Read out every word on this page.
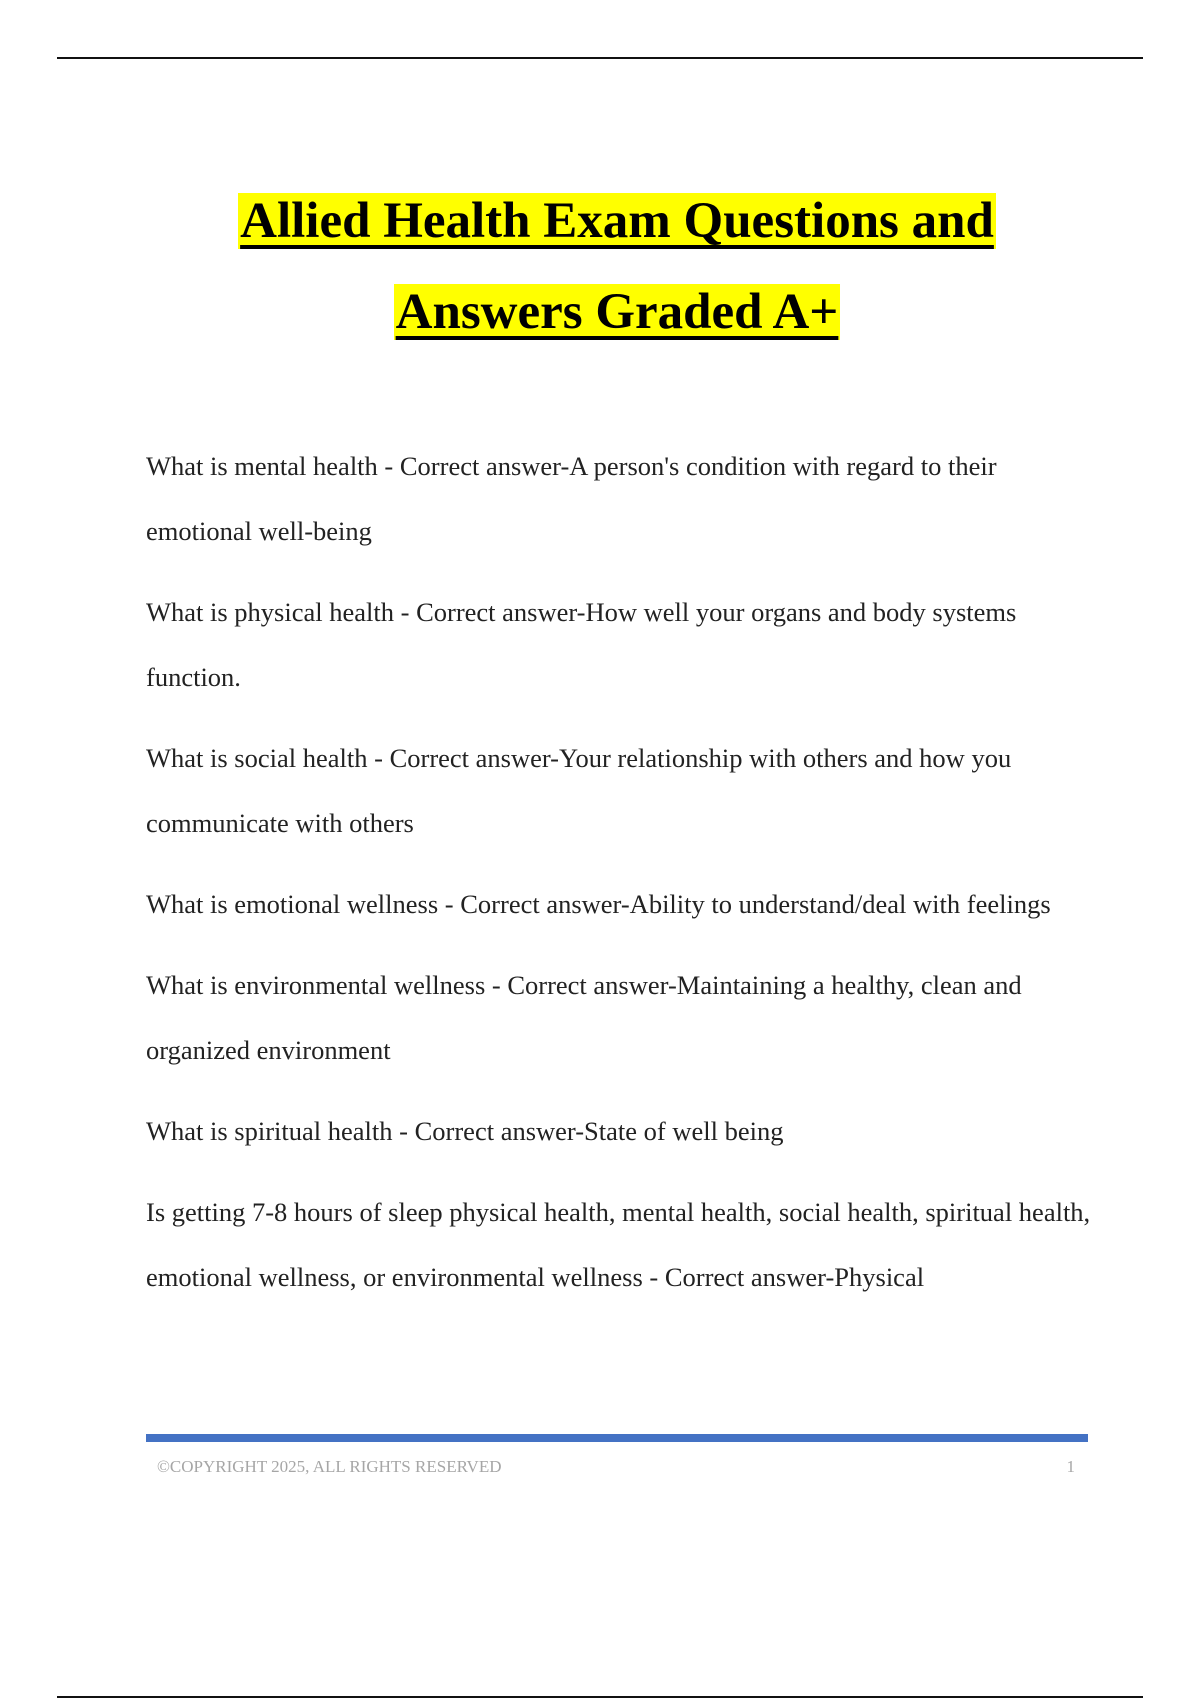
Allied Health Exam Questions and
Answers Graded A+
What is mental health - Correct answer-A person's condition with regard to their emotional well-being
What is physical health - Correct answer-How well your organs and body systems function.
What is social health - Correct answer-Your relationship with others and how you communicate with others
What is emotional wellness - Correct answer-Ability to understand/deal with feelings
What is environmental wellness - Correct answer-Maintaining a healthy, clean and organized environment
What is spiritual health - Correct answer-State of well being
Is getting 7-8 hours of sleep physical health, mental health, social health, spiritual health, emotional wellness, or environmental wellness - Correct answer-Physical
©COPYRIGHT 2025, ALL RIGHTS RESERVED	1
